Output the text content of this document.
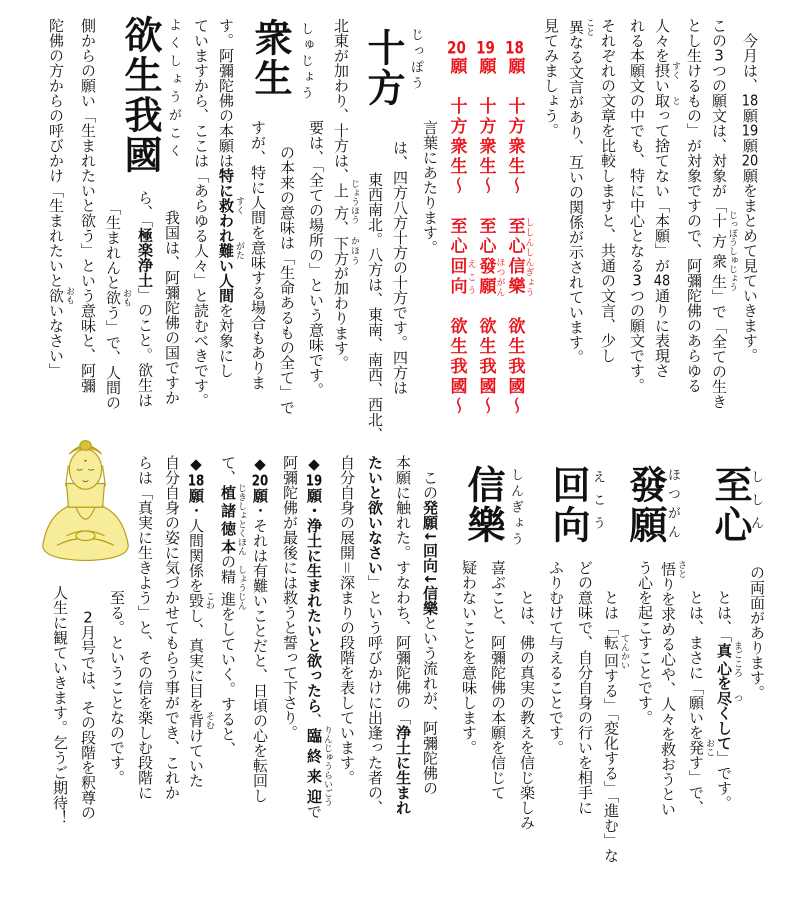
十方 じっぽう
衆生 しゅじょう
欲生我國 よくしょうがこく
至心
ししん
發願
ほつがん
回向 えこう
信樂 しんぎょう
今月は、18願19願20願をまとめて見ていきます。
この3つの願文は、対象が「十方衆生 じっぽうしゅじょう」で「全ての生き
とし生けるもの」が対象ですので、阿彌陀佛のあらゆる
人々を摂 すくい取 とって捨てない「本願」が48通りに表現さ
れる本願文の中でも、特に中心となる3つの願文です。
それぞれの文章を比較しますと、共通の文言、少し
異 ことなる文言があり、互いの関係が示されています。
見てみましょう。
18願　十方衆生〜　至心信樂 ししんしんぎょう　欲生我國〜
19願　十方衆生〜　至心發願 ほつがん　欲生我國〜
20願　十方衆生〜　至心回向 えこう　欲生我國〜
言葉にあたります。
は、四方八方十方の十方です。四方は
東西南北。八方は、東南、南西、西北、
北東が加わり、十方は、上方 じょうほう、下方 かほうが加わります。
要は、「全ての場所の」という意味です。
の本来の意味は「生命あるもの全て」で
すが、特に人間を意味する場合もありま
す。阿彌陀佛の本願は特に救 すくわれ難 がたい人間を対象にし
ていますから、ここは「あらゆる人々」と読むべきです。
我国は、阿彌陀佛の国ですか
ら、「極楽浄土」のこと。欲生は
「生まれんと欲 おもう」で、人間の
側からの願い「生まれたいと欲う」という意味と、阿彌
陀佛の方からの呼びかけ「生まれたいと欲 おもいなさい」
の両面があります。
とは、「真心 まごころを尽 つくして」です。
とは、まさに「願いを発 おこす」で、
悟 さとりを求める心や、人々を救おうとい
う心を起こすことです。
とは「転回 てんかいする」「変化する」「進む」な
どの意味で、自分自身の行いを相手に
ふりむけて与えることです。
とは、佛の真実の教えを信じ楽しみ
喜ぶこと、阿彌陀佛の本願を信じて
疑わないことを意味します。
この発願↓回向↓信樂という流れが、阿彌陀佛の
本願に触れた。すなわち、阿彌陀佛の「浄土に生まれ
たいと欲いなさい」という呼びかけに出逢った者の、
自分自身の展開＝深まりの段階を表しています。
◆19願・浄土に生まれたいと欲ったら、臨終来迎 りんじゅうらいごうで
阿彌陀佛が最後には救うと誓って下さり。
◆20願・それは有難いことだと、日頃の心を転回し
て、植諸徳本 じきしょとくほんの精進 しょうじんをしていく。すると、
◆18願・人間関係を毀 こわし、真実に目を背 そむけていた
自分自身の姿に気づかせてもらう事ができ、これか
らは「真実に生きよう」と、その信を楽しむ段階に
至る。ということなのです。
2月号では、その段階を釈尊の
人生に観ていきます。乞うご期待！
